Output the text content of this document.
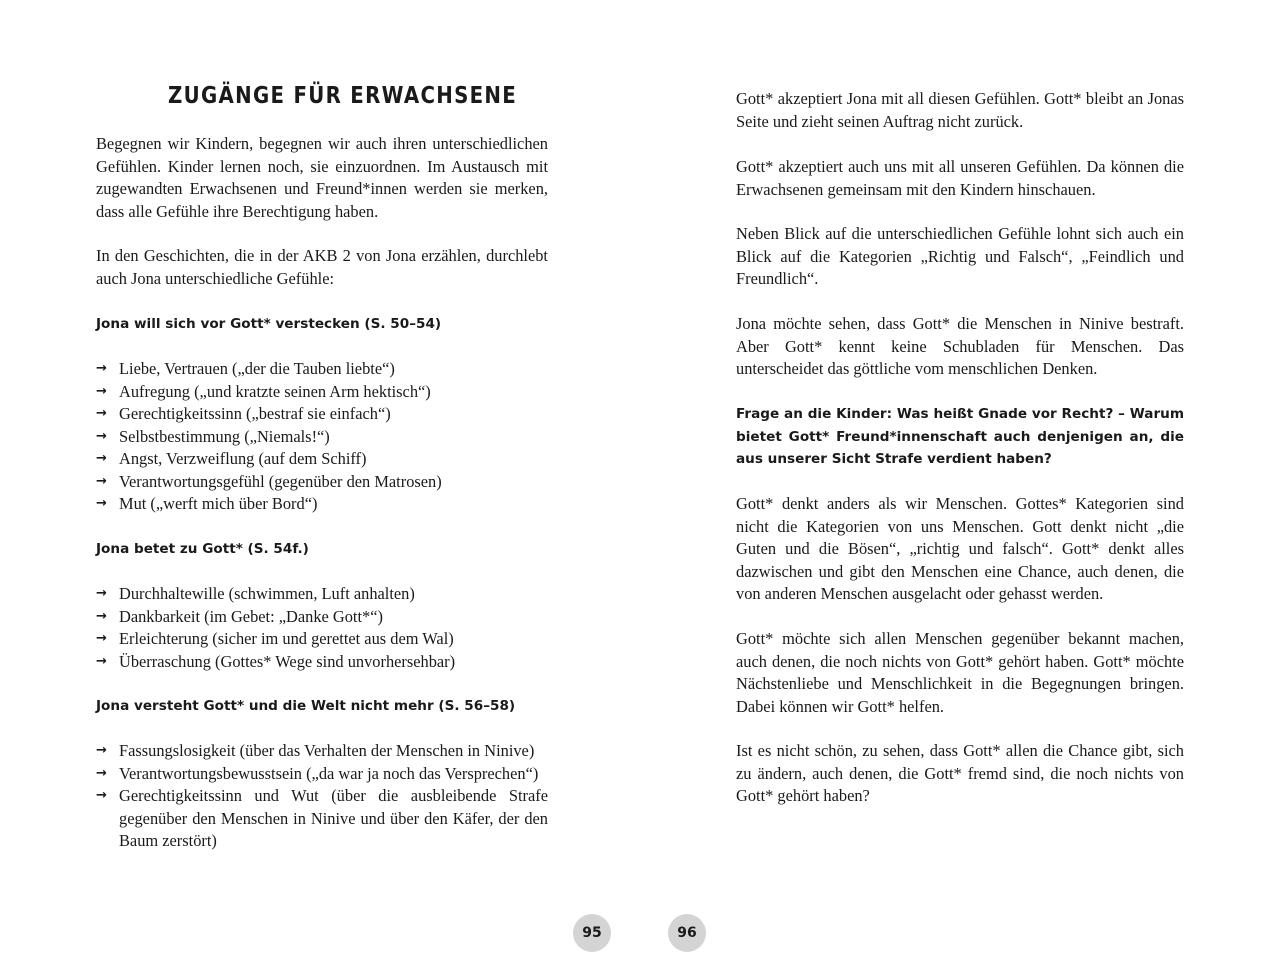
ZUGÄNGE FÜR ERWACHSENE

Begegnen wir Kindern, begegnen wir auch ihren unterschiedlichen Gefühlen. Kinder lernen noch, sie einzuordnen. Im Austausch mit zugewandten Erwachsenen und Freund*innen werden sie merken, dass alle Gefühle ihre Berechtigung haben.

In den Geschichten, die in der AKB 2 von Jona erzählen, durchlebt auch Jona unterschiedliche Gefühle:

Jona will sich vor Gott* verstecken (S. 50–54)
→ Liebe, Vertrauen („der die Tauben liebte“)
→ Aufregung („und kratzte seinen Arm hektisch“)
→ Gerechtigkeitssinn („bestraf sie einfach“)
→ Selbstbestimmung („Niemals!“)
→ Angst, Verzweiflung (auf dem Schiff)
→ Verantwortungsgefühl (gegenüber den Matrosen)
→ Mut („werft mich über Bord“)
Jona betet zu Gott* (S. 54f.)
→ Durchhaltewille (schwimmen, Luft anhalten)
→ Dankbarkeit (im Gebet: „Danke Gott*“)
→ Erleichterung (sicher im und gerettet aus dem Wal)
→ Überraschung (Gottes* Wege sind unvorhersehbar)
Jona versteht Gott* und die Welt nicht mehr (S. 56–58)
→ Fassungslosigkeit (über das Verhalten der Menschen in Ninive)
→ Verantwortungsbewusstsein („da war ja noch das Versprechen“)
→ Gerechtigkeitssinn und Wut (über die ausbleibende Strafe gegenüber den Menschen in Ninive und über den Käfer, der den Baum zerstört)

Gott* akzeptiert Jona mit all diesen Gefühlen. Gott* bleibt an Jonas Seite und zieht seinen Auftrag nicht zurück.

Gott* akzeptiert auch uns mit all unseren Gefühlen. Da können die Erwachsenen gemeinsam mit den Kindern hinschauen.

Neben Blick auf die unterschiedlichen Gefühle lohnt sich auch ein Blick auf die Kategorien „Richtig und Falsch“, „Feindlich und Freundlich“.

Jona möchte sehen, dass Gott* die Menschen in Ninive bestraft. Aber Gott* kennt keine Schubladen für Menschen. Das unterscheidet das göttliche vom menschlichen Denken.

Frage an die Kinder: Was heißt Gnade vor Recht? – Warum bietet Gott* Freund*innenschaft auch denjenigen an, die aus unserer Sicht Strafe verdient haben?

Gott* denkt anders als wir Menschen. Gottes* Kategorien sind nicht die Kategorien von uns Menschen. Gott denkt nicht „die Guten und die Bösen“, „richtig und falsch“. Gott* denkt alles dazwischen und gibt den Menschen eine Chance, auch denen, die von anderen Menschen ausgelacht oder gehasst werden.

Gott* möchte sich allen Menschen gegenüber bekannt machen, auch denen, die noch nichts von Gott* gehört haben. Gott* möchte Nächstenliebe und Menschlichkeit in die Begegnungen bringen. Dabei können wir Gott* helfen.

Ist es nicht schön, zu sehen, dass Gott* allen die Chance gibt, sich zu ändern, auch denen, die Gott* fremd sind, die noch nichts von Gott* gehört haben?

95	96
